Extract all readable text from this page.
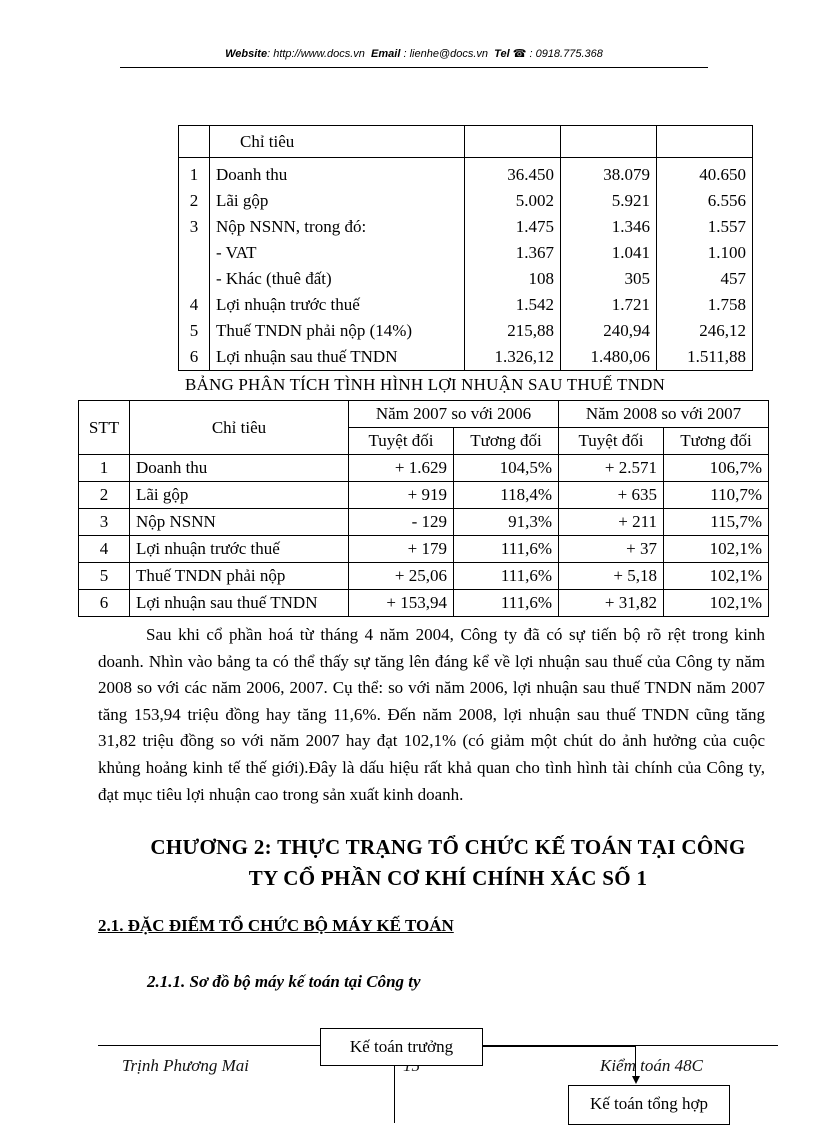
Website: http://www.docs.vn Email : lienhe@docs.vn Tel ☎ : 0918.775.368
	Chỉ tiêu			
1	Doanh thu	36.450	38.079	40.650
2	Lãi gộp	5.002	5.921	6.556
3	Nộp NSNN, trong đó:	1.475	1.346	1.557
	- VAT	1.367	1.041	1.100
	- Khác (thuê đất)	108	305	457
4	Lợi nhuận trước thuế	1.542	1.721	1.758
5	Thuế TNDN phải nộp (14%)	215,88	240,94	246,12
6	Lợi nhuận sau thuế TNDN	1.326,12	1.480,06	1.511,88
BẢNG PHÂN TÍCH TÌNH HÌNH LỢI NHUẬN SAU THUẾ TNDN
STT	Chỉ tiêu	Năm 2007 so với 2006		Năm 2008 so với 2007	
		Tuyệt đối	Tương đối	Tuyệt đối	Tương đối
1	Doanh thu	+ 1.629	104,5%	+ 2.571	106,7%
2	Lãi gộp	+ 919	118,4%	+ 635	110,7%
3	Nộp NSNN	- 129	91,3%	+ 211	115,7%
4	Lợi nhuận trước thuế	+ 179	111,6%	+ 37	102,1%
5	Thuế TNDN phải nộp	+ 25,06	111,6%	+ 5,18	102,1%
6	Lợi nhuận sau thuế TNDN	+ 153,94	111,6%	+ 31,82	102,1%
Sau khi cổ phần hoá từ tháng 4 năm 2004, Công ty đã có sự tiến bộ rõ rệt trong kinh doanh. Nhìn vào bảng ta có thể thấy sự tăng lên đáng kể về lợi nhuận sau thuế của Công ty năm 2008 so với các năm 2006, 2007. Cụ thể: so với năm 2006, lợi nhuận sau thuế TNDN năm 2007 tăng 153,94 triệu đồng hay tăng 11,6%. Đến năm 2008, lợi nhuận sau thuế TNDN cũng tăng 31,82 triệu đồng so với năm 2007 hay đạt 102,1% (có giảm một chút do ảnh hưởng của cuộc khủng hoảng kinh tế thế giới).Đây là dấu hiệu rất khả quan cho tình hình tài chính của Công ty, đạt mục tiêu lợi nhuận cao trong sản xuất kinh doanh.
CHƯƠNG 2: THỰC TRẠNG TỔ CHỨC KẾ TOÁN TẠI CÔNG
TY CỔ PHẦN CƠ KHÍ CHÍNH XÁC SỐ 1
2.1. ĐẶC ĐIỂM TỔ CHỨC BỘ MÁY KẾ TOÁN
2.1.1. Sơ đồ bộ máy kế toán tại Công ty
Trịnh Phương Mai	Kiểm toán 48C
Kế toán trưởng
Kế toán tổng hợp
